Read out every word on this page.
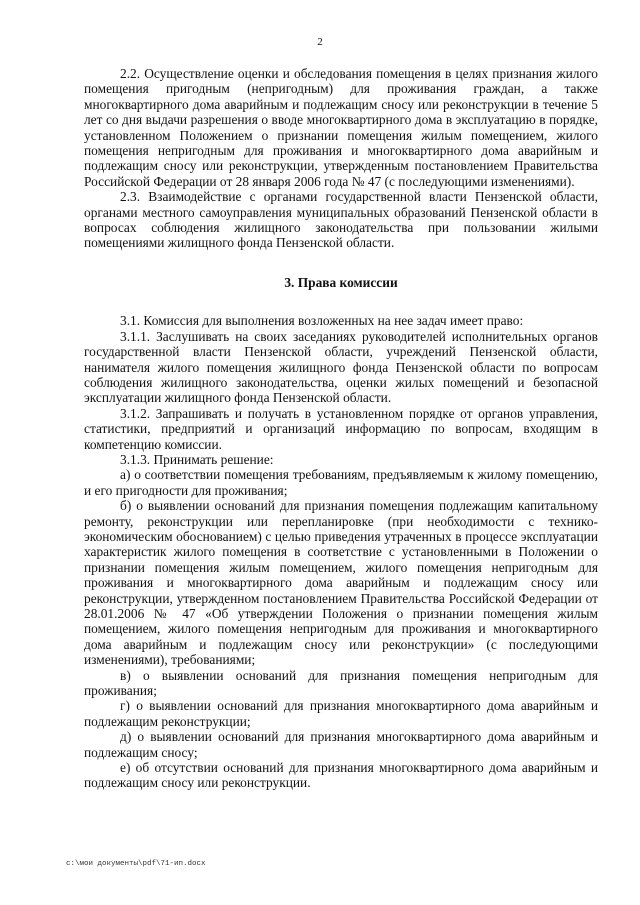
2

2.2. Осуществление оценки и обследования помещения в целях признания жилого помещения пригодным (непригодным) для проживания граждан, а также многоквартирного дома аварийным и подлежащим сносу или реконструкции в течение 5 лет со дня выдачи разрешения о вводе многоквартирного дома в эксплуатацию в порядке, установленном Положением о признании помещения жилым помещением, жилого помещения непригодным для проживания и многоквартирного дома аварийным и подлежащим сносу или реконструкции, утвержденным постановлением Правительства Российской Федерации от 28 января 2006 года № 47 (с последующими изменениями).

2.3. Взаимодействие с органами государственной власти Пензенской области, органами местного самоуправления муниципальных образований Пензенской области в вопросах соблюдения жилищного законодательства при пользовании жилыми помещениями жилищного фонда Пензенской области.

3. Права комиссии

3.1. Комиссия для выполнения возложенных на нее задач имеет право:

3.1.1. Заслушивать на своих заседаниях руководителей исполнительных органов государственной власти Пензенской области, учреждений Пензенской области, нанимателя жилого помещения жилищного фонда Пензенской области по вопросам соблюдения жилищного законодательства, оценки жилых помещений и безопасной эксплуатации жилищного фонда Пензенской области.

3.1.2. Запрашивать и получать в установленном порядке от органов управления, статистики, предприятий и организаций информацию по вопросам, входящим в компетенцию комиссии.

3.1.3. Принимать решение:

а) о соответствии помещения требованиям, предъявляемым к жилому помещению, и его пригодности для проживания;

б) о выявлении оснований для признания помещения подлежащим капитальному ремонту, реконструкции или перепланировке (при необходимости с технико-экономическим обоснованием) с целью приведения утраченных в процессе эксплуатации характеристик жилого помещения в соответствие с установленными в Положении о признании помещения жилым помещением, жилого помещения непригодным для проживания и многоквартирного дома аварийным и подлежащим сносу или реконструкции, утвержденном постановлением Правительства Российской Федерации от 28.01.2006 № 47 «Об утверждении Положения о признании помещения жилым помещением, жилого помещения непригодным для проживания и многоквартирного дома аварийным и подлежащим сносу или реконструкции» (с последующими изменениями), требованиями;

в) о выявлении оснований для признания помещения непригодным для проживания;

г) о выявлении оснований для признания многоквартирного дома аварийным и подлежащим реконструкции;

д) о выявлении оснований для признания многоквартирного дома аварийным и подлежащим сносу;

е) об отсутствии оснований для признания многоквартирного дома аварийным и подлежащим сносу или реконструкции.

c:\мои документы\pdf\71-ип.docx
